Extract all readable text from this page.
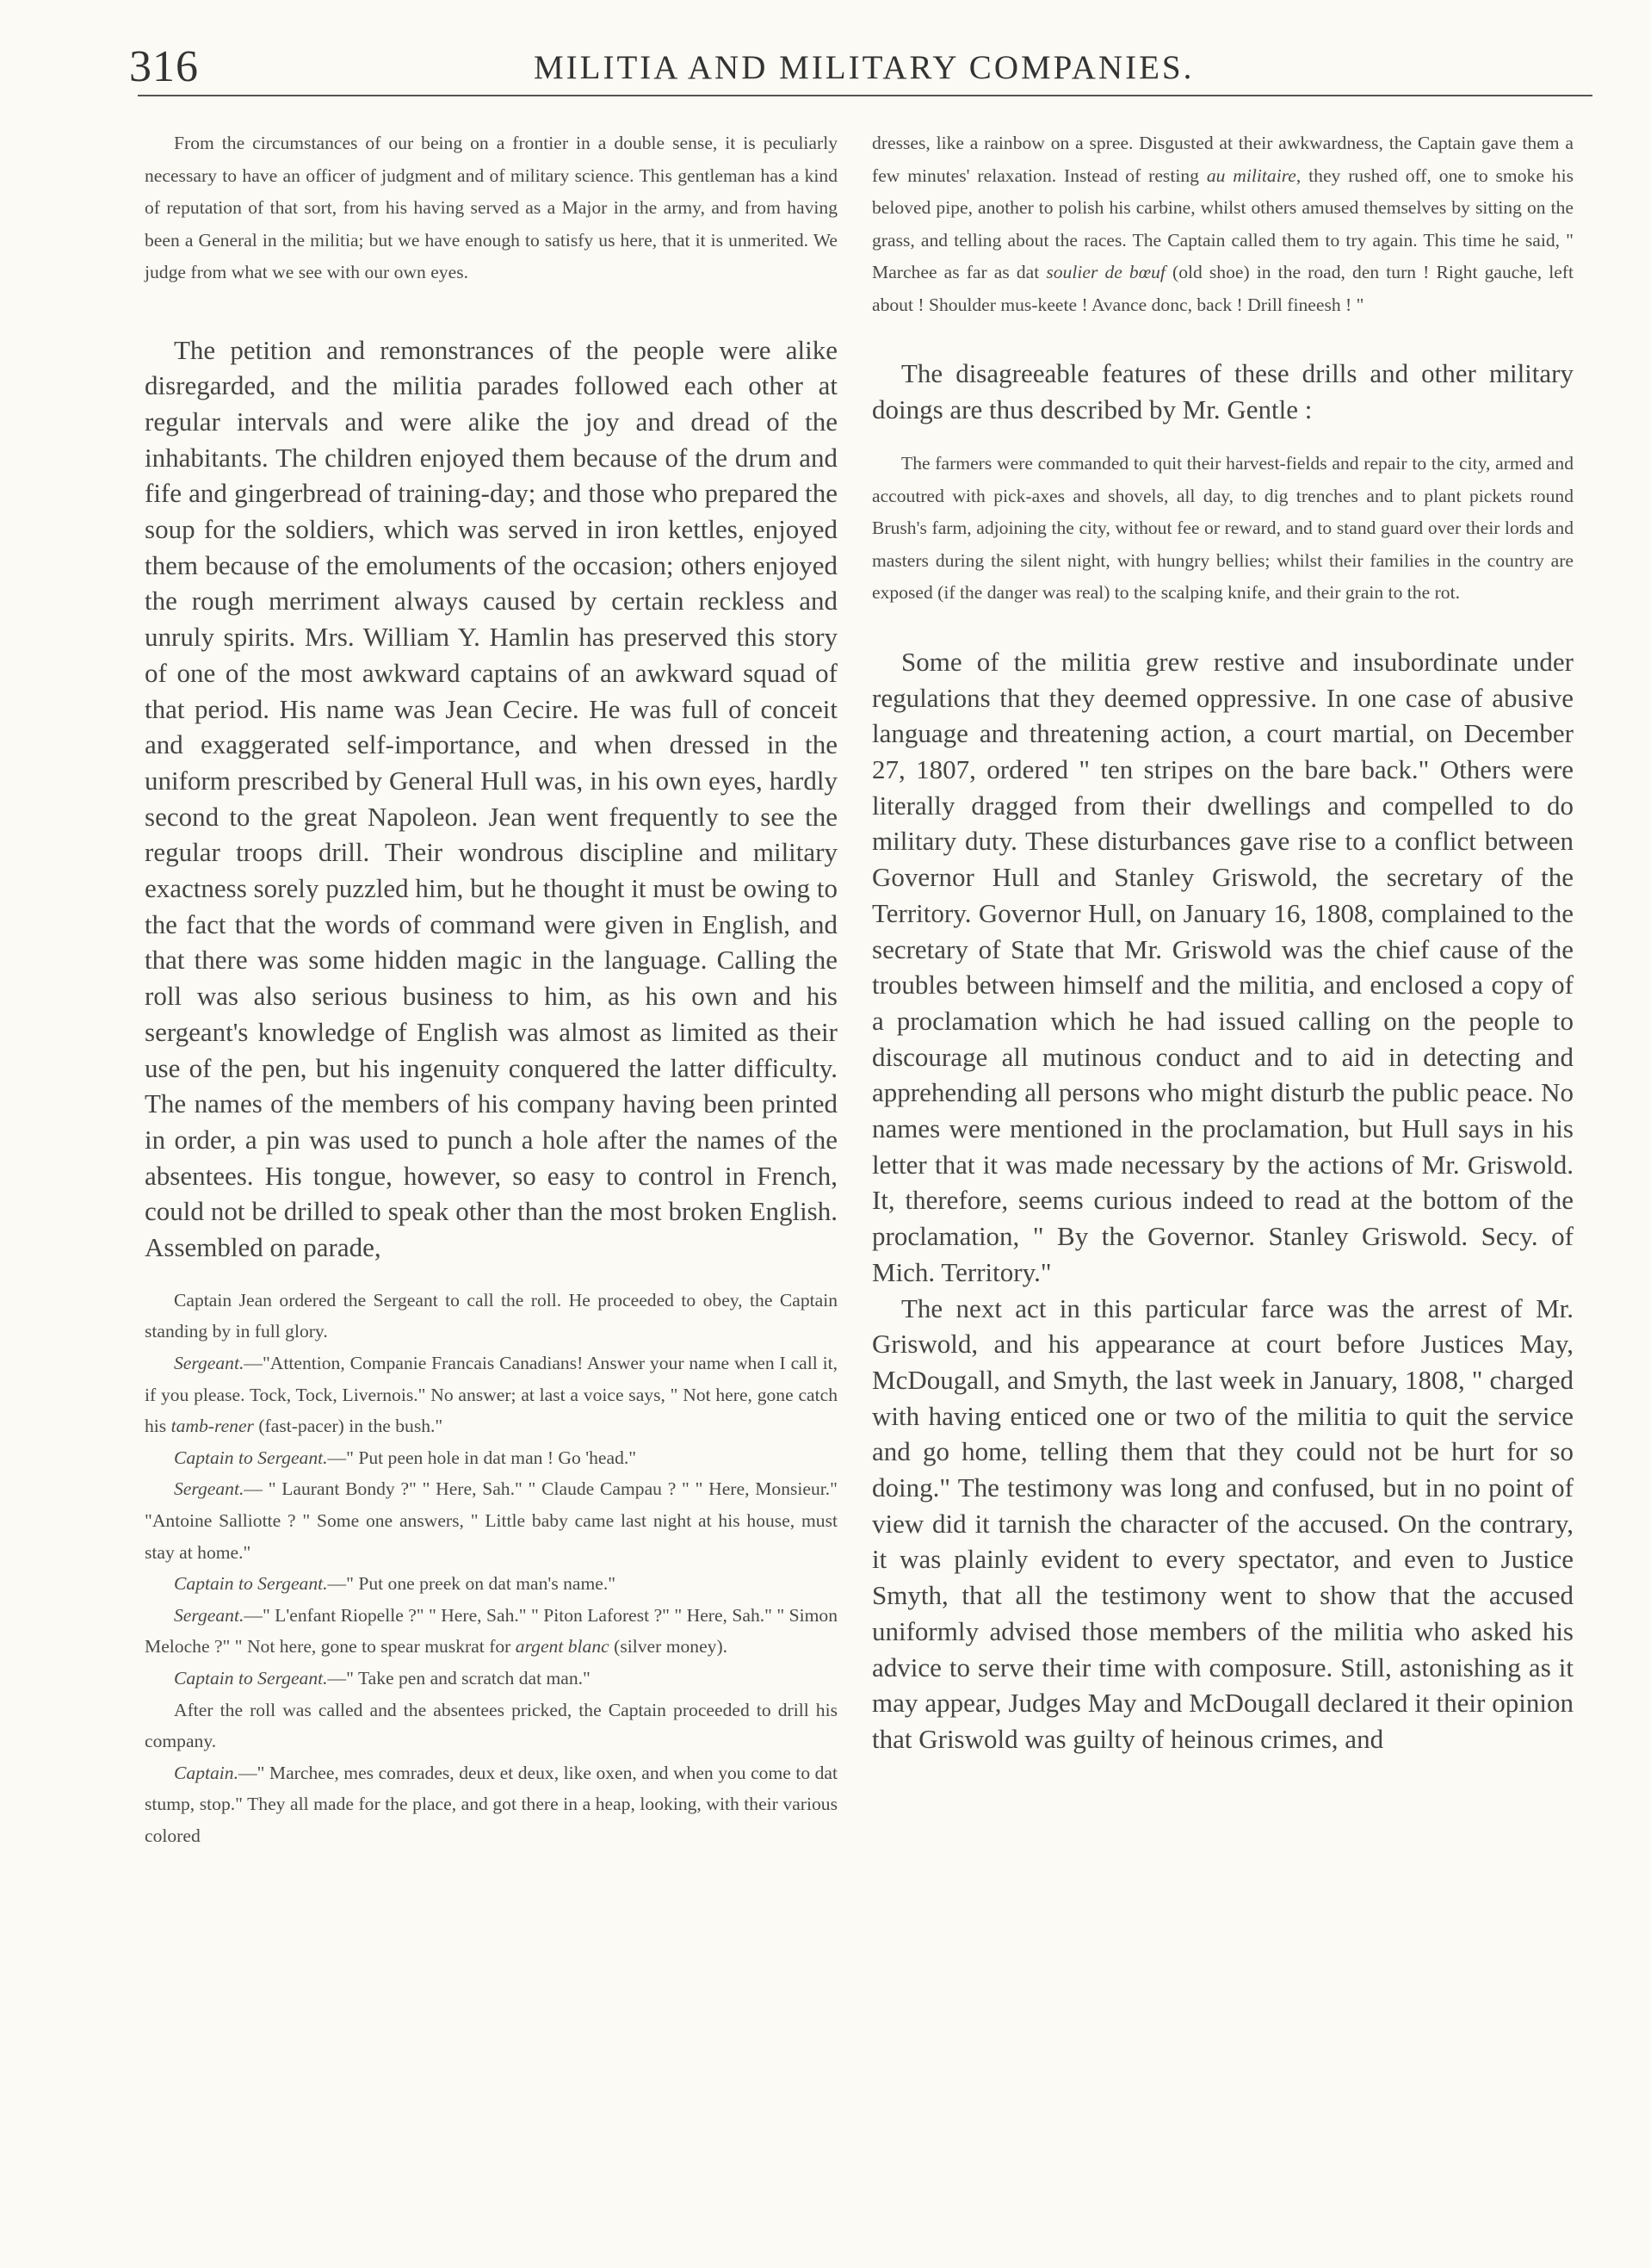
316	MILITIA AND MILITARY COMPANIES.

From the circumstances of our being on a frontier in a double sense, it is peculiarly necessary to have an officer of judgment and of military science. This gentleman has a kind of reputation of that sort, from his having served as a Major in the army, and from having been a General in the militia; but we have enough to satisfy us here, that it is unmerited. We judge from what we see with our own eyes.

The petition and remonstrances of the people were alike disregarded, and the militia parades followed each other at regular intervals and were alike the joy and dread of the inhabitants. The children enjoyed them because of the drum and fife and gingerbread of training-day; and those who prepared the soup for the soldiers, which was served in iron kettles, enjoyed them because of the emoluments of the occasion; others enjoyed the rough merriment always caused by certain reckless and unruly spirits. Mrs. William Y. Hamlin has preserved this story of one of the most awkward captains of an awkward squad of that period. His name was Jean Cecire. He was full of conceit and exaggerated self-importance, and when dressed in the uniform prescribed by General Hull was, in his own eyes, hardly second to the great Napoleon. Jean went frequently to see the regular troops drill. Their wondrous discipline and military exactness sorely puzzled him, but he thought it must be owing to the fact that the words of command were given in English, and that there was some hidden magic in the language. Calling the roll was also serious business to him, as his own and his sergeant's knowledge of English was almost as limited as their use of the pen, but his ingenuity conquered the latter difficulty. The names of the members of his company having been printed in order, a pin was used to punch a hole after the names of the absentees. His tongue, however, so easy to control in French, could not be drilled to speak other than the most broken English. Assembled on parade,

Captain Jean ordered the Sergeant to call the roll. He proceeded to obey, the Captain standing by in full glory.

Sergeant.—"Attention, Companie Francais Canadians! Answer your name when I call it, if you please. Tock, Tock, Livernois." No answer; at last a voice says, " Not here, gone catch his tamb-rener (fast-pacer) in the bush."

Captain to Sergeant.—" Put peen hole in dat man ! Go 'head."

Sergeant.— " Laurant Bondy ?" " Here, Sah." " Claude Campau ? " " Here, Monsieur." "Antoine Salliotte ? " Some one answers, " Little baby came last night at his house, must stay at home."

Captain to Sergeant.—" Put one preek on dat man's name."

Sergeant.—" L'enfant Riopelle ?" " Here, Sah." " Piton Laforest ?" " Here, Sah." " Simon Meloche ?" " Not here, gone to spear muskrat for argent blanc (silver money).

Captain to Sergeant.—" Take pen and scratch dat man."

After the roll was called and the absentees pricked, the Captain proceeded to drill his company.

Captain.—" Marchee, mes comrades, deux et deux, like oxen, and when you come to dat stump, stop." They all made for the place, and got there in a heap, looking, with their various colored

dresses, like a rainbow on a spree. Disgusted at their awkwardness, the Captain gave them a few minutes' relaxation. Instead of resting au militaire, they rushed off, one to smoke his beloved pipe, another to polish his carbine, whilst others amused themselves by sitting on the grass, and telling about the races. The Captain called them to try again. This time he said, " Marchee as far as dat soulier de bœuf (old shoe) in the road, den turn ! Right gauche, left about ! Shoulder mus-keete ! Avance donc, back ! Drill fineesh ! "

The disagreeable features of these drills and other military doings are thus described by Mr. Gentle :

The farmers were commanded to quit their harvest-fields and repair to the city, armed and accoutred with pick-axes and shovels, all day, to dig trenches and to plant pickets round Brush's farm, adjoining the city, without fee or reward, and to stand guard over their lords and masters during the silent night, with hungry bellies; whilst their families in the country are exposed (if the danger was real) to the scalping knife, and their grain to the rot.

Some of the militia grew restive and insubordinate under regulations that they deemed oppressive. In one case of abusive language and threatening action, a court martial, on December 27, 1807, ordered " ten stripes on the bare back." Others were literally dragged from their dwellings and compelled to do military duty. These disturbances gave rise to a conflict between Governor Hull and Stanley Griswold, the secretary of the Territory. Governor Hull, on January 16, 1808, complained to the secretary of State that Mr. Griswold was the chief cause of the troubles between himself and the militia, and enclosed a copy of a proclamation which he had issued calling on the people to discourage all mutinous conduct and to aid in detecting and apprehending all persons who might disturb the public peace. No names were mentioned in the proclamation, but Hull says in his letter that it was made necessary by the actions of Mr. Griswold. It, therefore, seems curious indeed to read at the bottom of the proclamation, " By the Governor. Stanley Griswold. Secy. of Mich. Territory."

The next act in this particular farce was the arrest of Mr. Griswold, and his appearance at court before Justices May, McDougall, and Smyth, the last week in January, 1808, " charged with having enticed one or two of the militia to quit the service and go home, telling them that they could not be hurt for so doing." The testimony was long and confused, but in no point of view did it tarnish the character of the accused. On the contrary, it was plainly evident to every spectator, and even to Justice Smyth, that all the testimony went to show that the accused uniformly advised those members of the militia who asked his advice to serve their time with composure. Still, astonishing as it may appear, Judges May and McDougall declared it their opinion that Griswold was guilty of heinous crimes, and
